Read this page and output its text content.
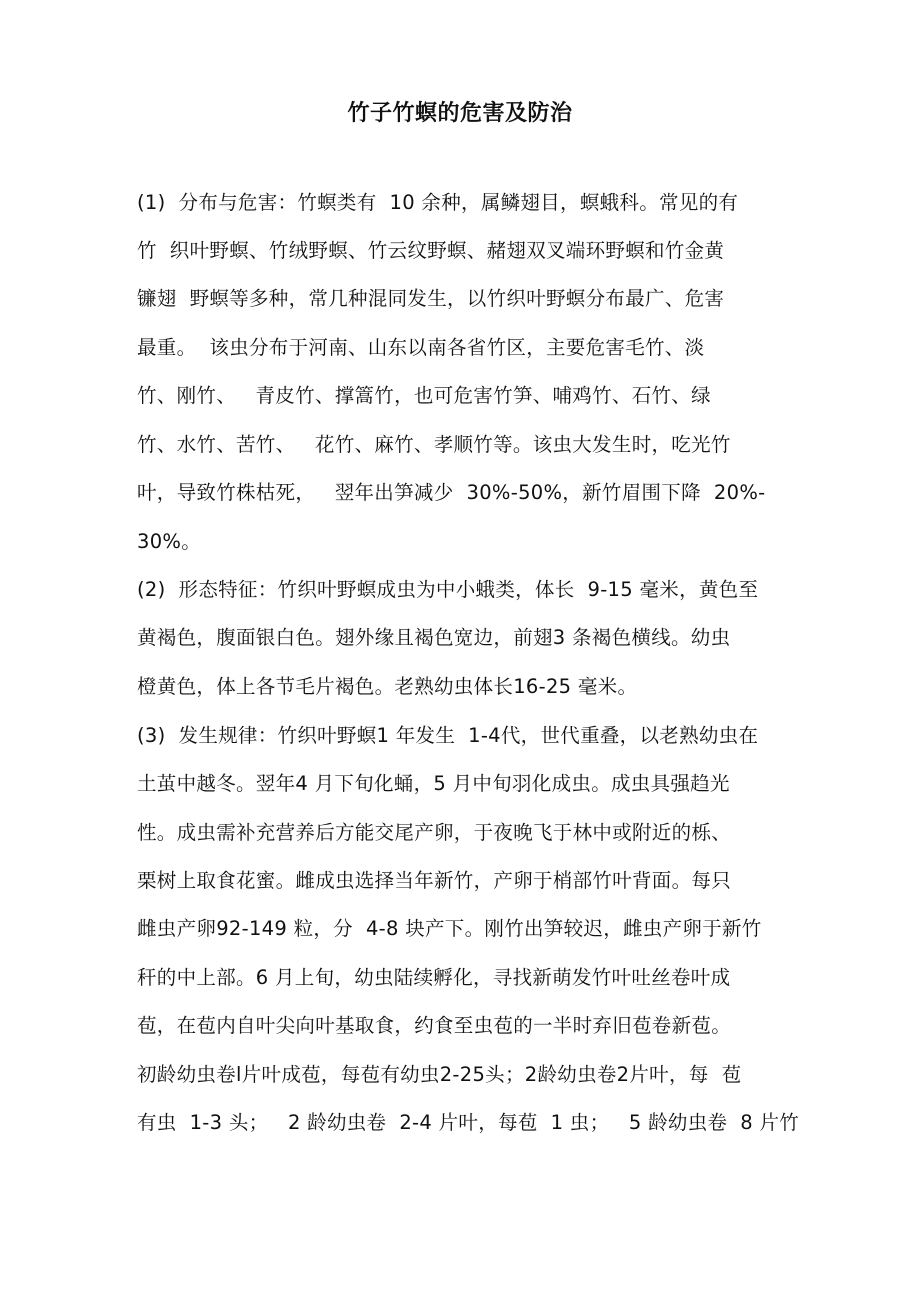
竹子竹螟的危害及防治
(1)  分布与危害：竹螟类有  10 余种，属鳞翅目，螟蛾科。常见的有
竹  织叶野螟、竹绒野螟、竹云纹野螟、赭翅双叉端环野螟和竹金黄
镰翅  野螟等多种，常几种混同发生，以竹织叶野螟分布最广、危害
最重。  该虫分布于河南、山东以南各省竹区，主要危害毛竹、淡
竹、刚竹、   青皮竹、撑篙竹，也可危害竹笋、哺鸡竹、石竹、绿
竹、水竹、苦竹、   花竹、麻竹、孝顺竹等。该虫大发生时，吃光竹
叶，导致竹株枯死，   翌年出笋减少  30%-50%，新竹眉围下降  20%-
30%。
(2)  形态特征：竹织叶野螟成虫为中小蛾类，体长  9-15 毫米，黄色至
黄褐色，腹面银白色。翅外缘且褐色宽边，前翅3 条褐色横线。幼虫
橙黄色，体上各节毛片褐色。老熟幼虫体长16-25 毫米。
(3)  发生规律：竹织叶野螟1 年发生  1-4代，世代重叠，以老熟幼虫在
土茧中越冬。翌年4 月下旬化蛹，5 月中旬羽化成虫。成虫具强趋光
性。成虫需补充营养后方能交尾产卵，于夜晚飞于林中或附近的栎、
栗树上取食花蜜。雌成虫选择当年新竹，产卵于梢部竹叶背面。每只
雌虫产卵92-149 粒，分  4-8 块产下。刚竹出笋较迟，雌虫产卵于新竹
秆的中上部。6 月上旬，幼虫陆续孵化，寻找新萌发竹叶吐丝卷叶成
苞，在苞内自叶尖向叶基取食，约食至虫苞的一半时弃旧苞卷新苞。
初龄幼虫卷l片叶成苞，每苞有幼虫2-25头；2龄幼虫卷2片叶，每  苞
有虫  1-3 头；   2 龄幼虫卷  2-4 片叶，每苞  1 虫；   5 龄幼虫卷  8 片竹
